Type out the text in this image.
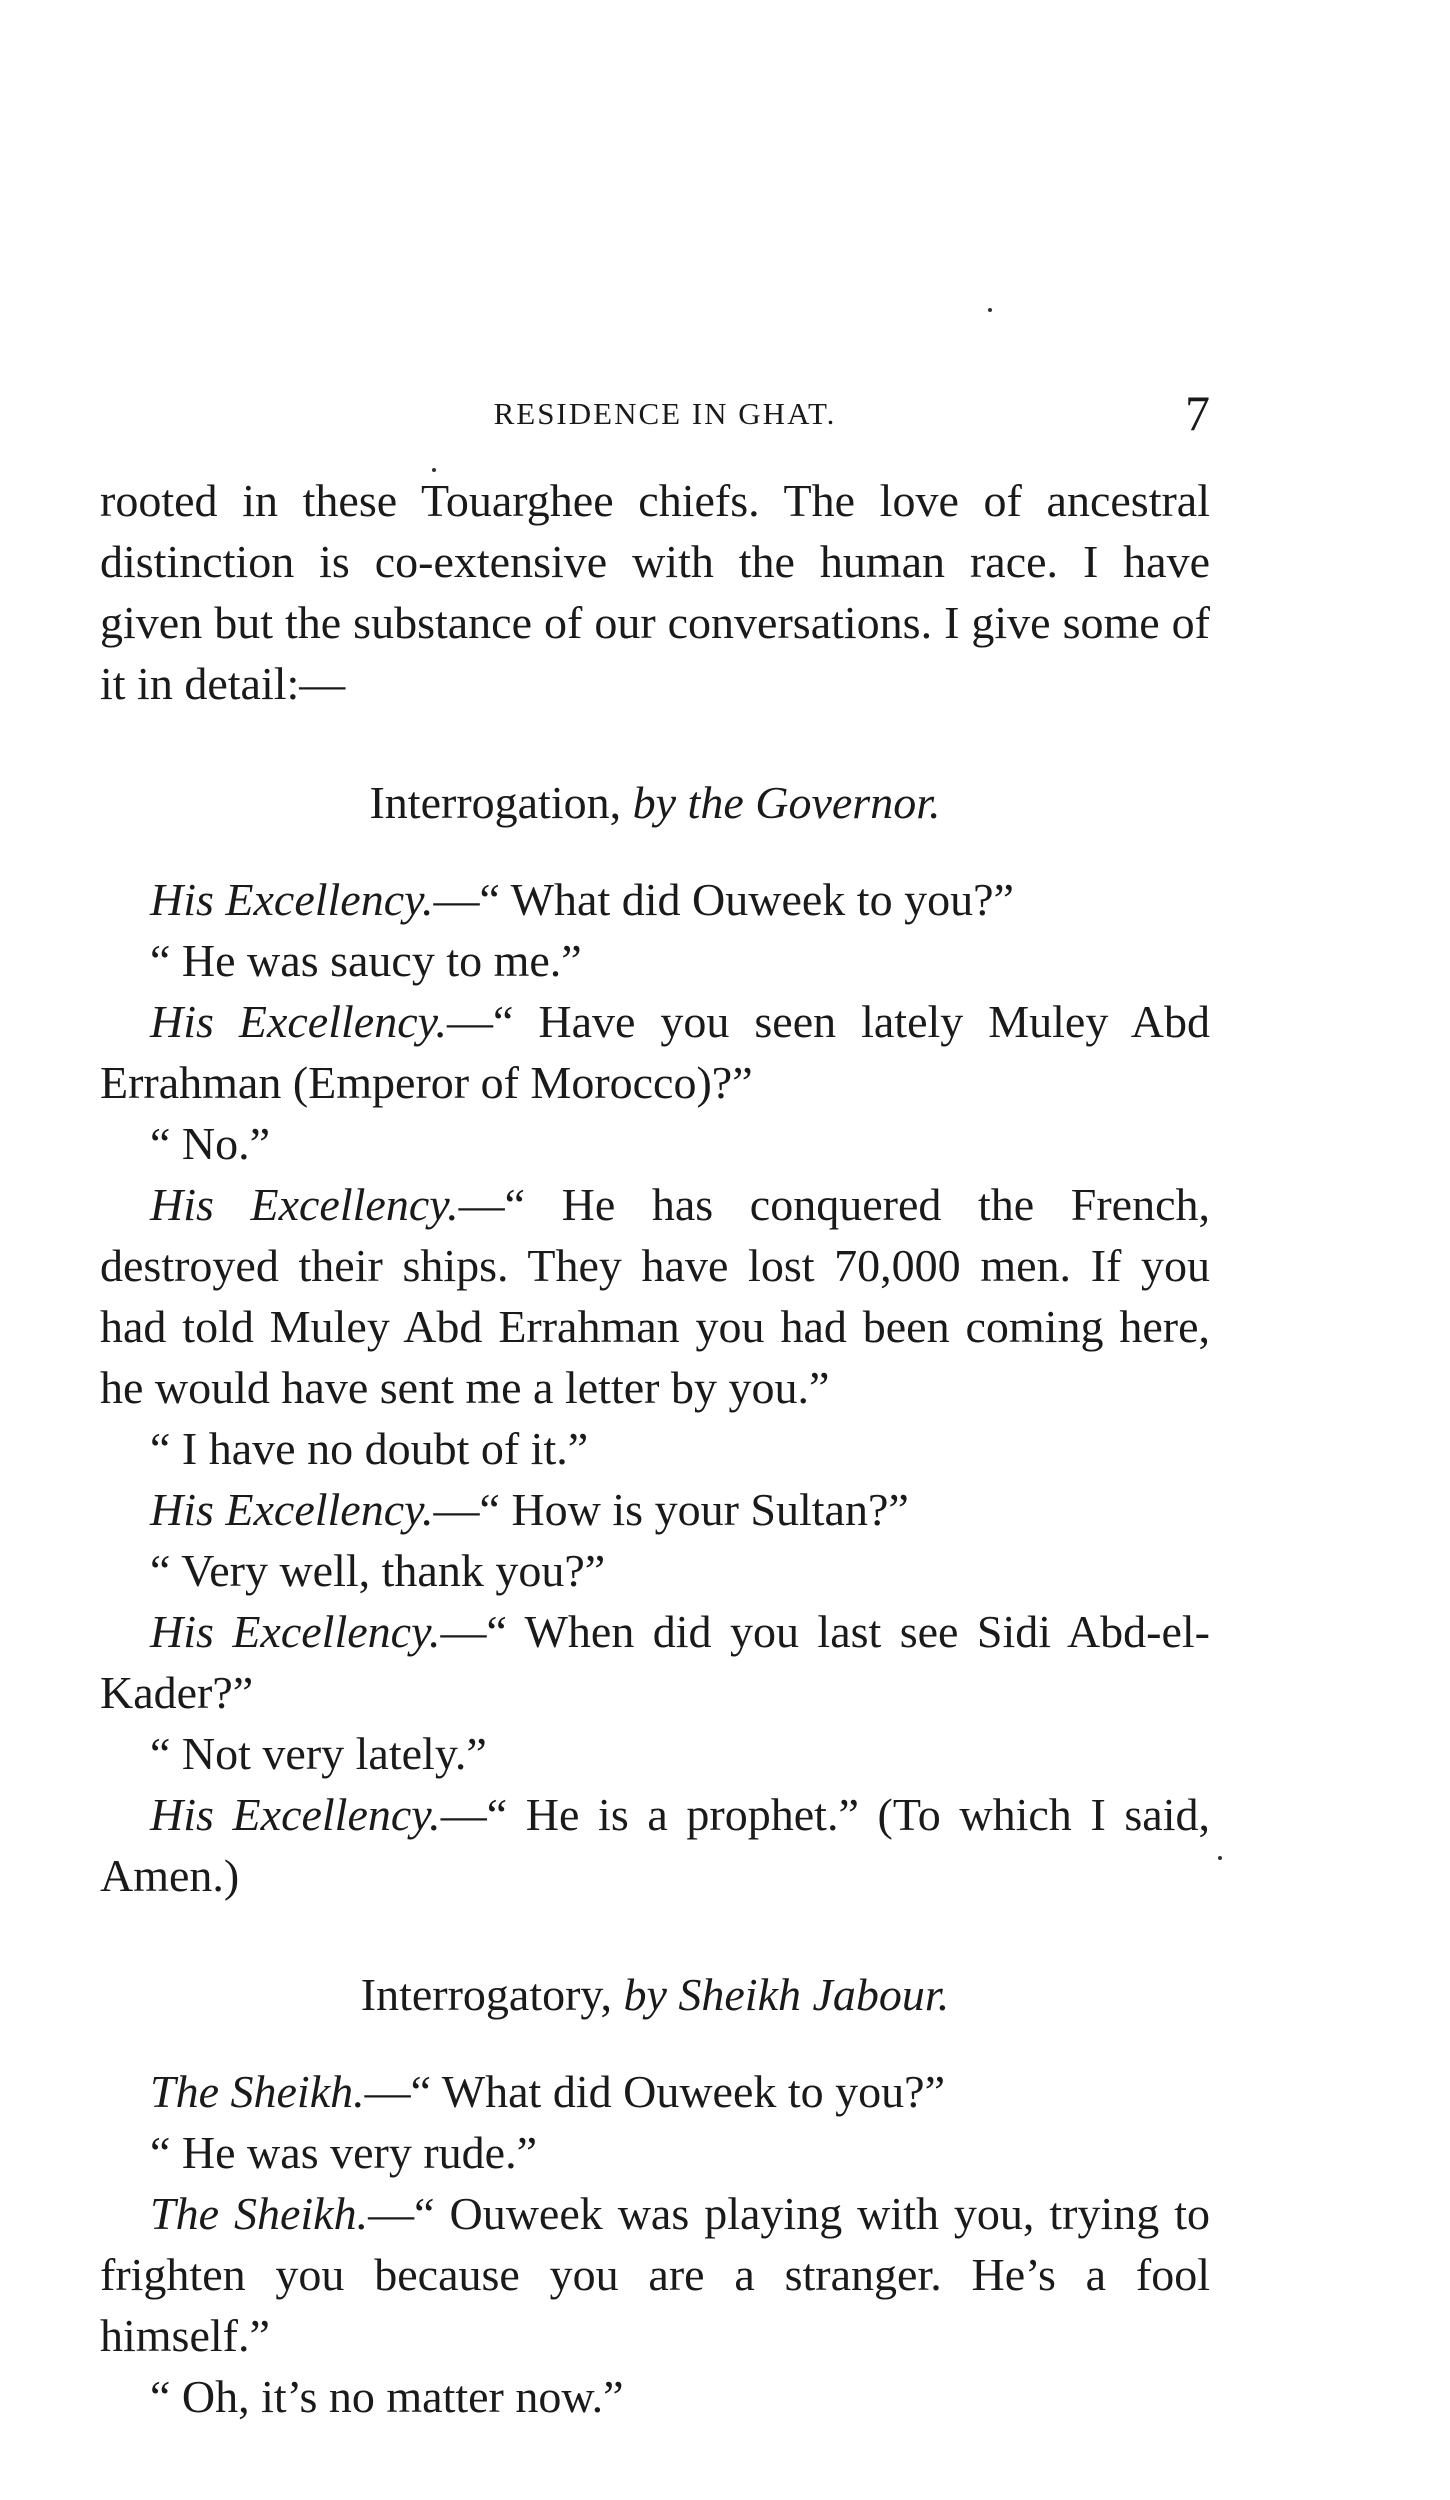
RESIDENCE IN GHAT.	7

rooted in these Touarghee chiefs. The love of ancestral distinction is co-extensive with the human race. I have given but the substance of our conversations. I give some of it in detail:—

Interrogation, by the Governor.

His Excellency.—“ What did Ouweek to you?”

“ He was saucy to me.”

His Excellency.—“ Have you seen lately Muley Abd Errahman (Emperor of Morocco)?”

“ No.”

His Excellency.—“ He has conquered the French, destroyed their ships. They have lost 70,000 men. If you had told Muley Abd Errahman you had been coming here, he would have sent me a letter by you.”

“ I have no doubt of it.”

His Excellency.—“ How is your Sultan?”

“ Very well, thank you?”

His Excellency.—“ When did you last see Sidi Abd-el-Kader?”

“ Not very lately.”

His Excellency.—“ He is a prophet.” (To which I said, Amen.)

Interrogatory, by Sheikh Jabour.

The Sheikh.—“ What did Ouweek to you?”

“ He was very rude.”

The Sheikh.—“ Ouweek was playing with you, trying to frighten you because you are a stranger. He’s a fool himself.”

“ Oh, it’s no matter now.”
